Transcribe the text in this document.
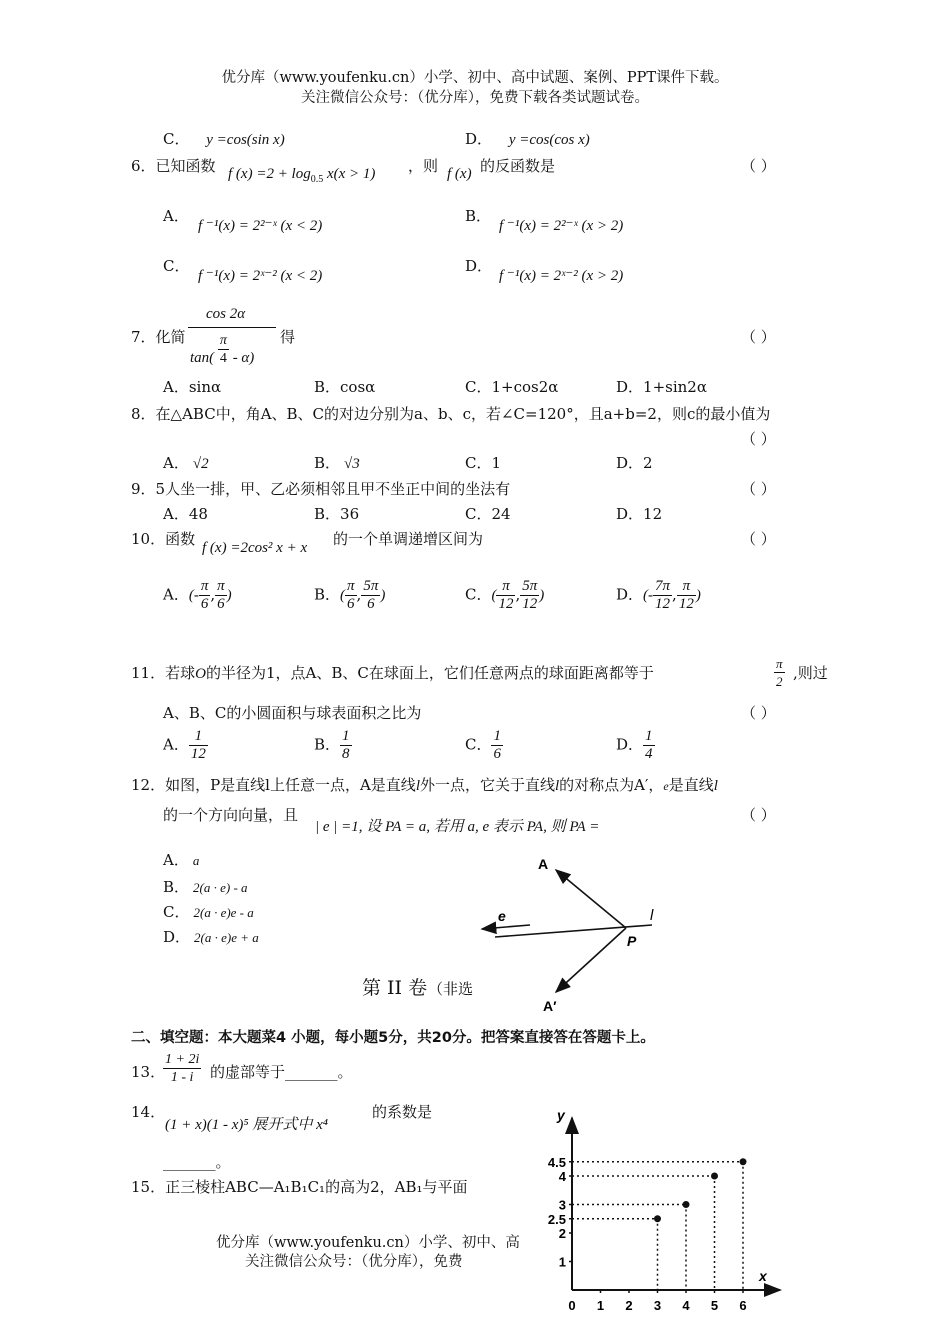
优分库（www.youfenku.cn）小学、初中、高中试题、案例、PPT课件下载。
关注微信公众号：（优分库），免费下载各类试题试卷。
C． y =cos(sin x)	D． y =cos(cos x)
6．已知函数 f $(x) =2 + \log_{0.5} x(x > 1)$ ，则 f (x) 的反函数是	（ ）
A．
f ⁻¹(x) = 2²⁻ˣ (x < 2)
B．
f ⁻¹(x) = 2²⁻ˣ (x > 2)
C．
f ⁻¹(x) = 2ˣ⁻² (x < 2)
D．
f ⁻¹(x) = 2ˣ⁻² (x > 2)
7．化简
cos 2α
$\tan( \frac{\pi}{4} - \alpha)$
得	（ ）
A．sinα	B．cosα	C．1+cos2α	D．1+sin2α
8．在△ABC中，角A、B、C的对边分别为a、b、c，若∠C=120°，且a+b=2，则c的最小值为
（ ）
A． √2	B． √3	C．1	D．2
9．5人坐一排，甲、乙必须相邻且甲不坐正中间的坐法有	（ ）
A．48	B．36	C．24	D．12
10．函数 f (x) =2cos² x + x 的一个单调递增区间为	（ ）
A．(- $\frac{\pi}{6}$ , $\frac{\pi}{6}$ )	B．( $\frac{\pi}{6}$ , $\frac{5\pi}{6}$ )	C．( $\frac{\pi}{12}$ , $\frac{5\pi}{12}$ )	D．(- $\frac{7\pi}{12}$ , $\frac{\pi}{12}$ )
11．若球O的半径为1，点A、B、C在球面上，它们任意两点的球面距离都等于	$\frac{\pi}{2}$ ,则过
A、B、C的小圆面积与球表面积之比为	（ ）
A． $\frac{1}{12}$	B． $\frac{1}{8}$	C． $\frac{1}{6}$	D． $\frac{1}{4}$
12．如图，P是直线l上任意一点，A是直线l外一点，它关于直线l的对称点为A′，e是直线l
的一个方向向量，且
| e | =1, 设 PA = a, 若用 a, e 表示 PA, 则 PA =
（ ）
A． a
B． 2(a · e) - a
C． 2(a · e)e - a
D． 2(a · e)e + a
A
A′
P
l
e
第 II 卷 （非选
二、填空题：本大题菜4 小题，每小题5分，共20分。把答案直接答在答题卡上。
13．
$\frac{1 + 2i}{1 - i}$ 的虚部等于_______。
14．
(1 + x)(1 - x)⁵ 展开式中 x⁴
的系数是
_______。
15．正三棱柱ABC—A₁B₁C₁的高为2，AB₁与平面
优分库（www.youfenku.cn）小学、初中、高
关注微信公众号：（优分库），免费
y
x
1
2
2.5
3
4
4.5
0 1 2 3 4 5 6
